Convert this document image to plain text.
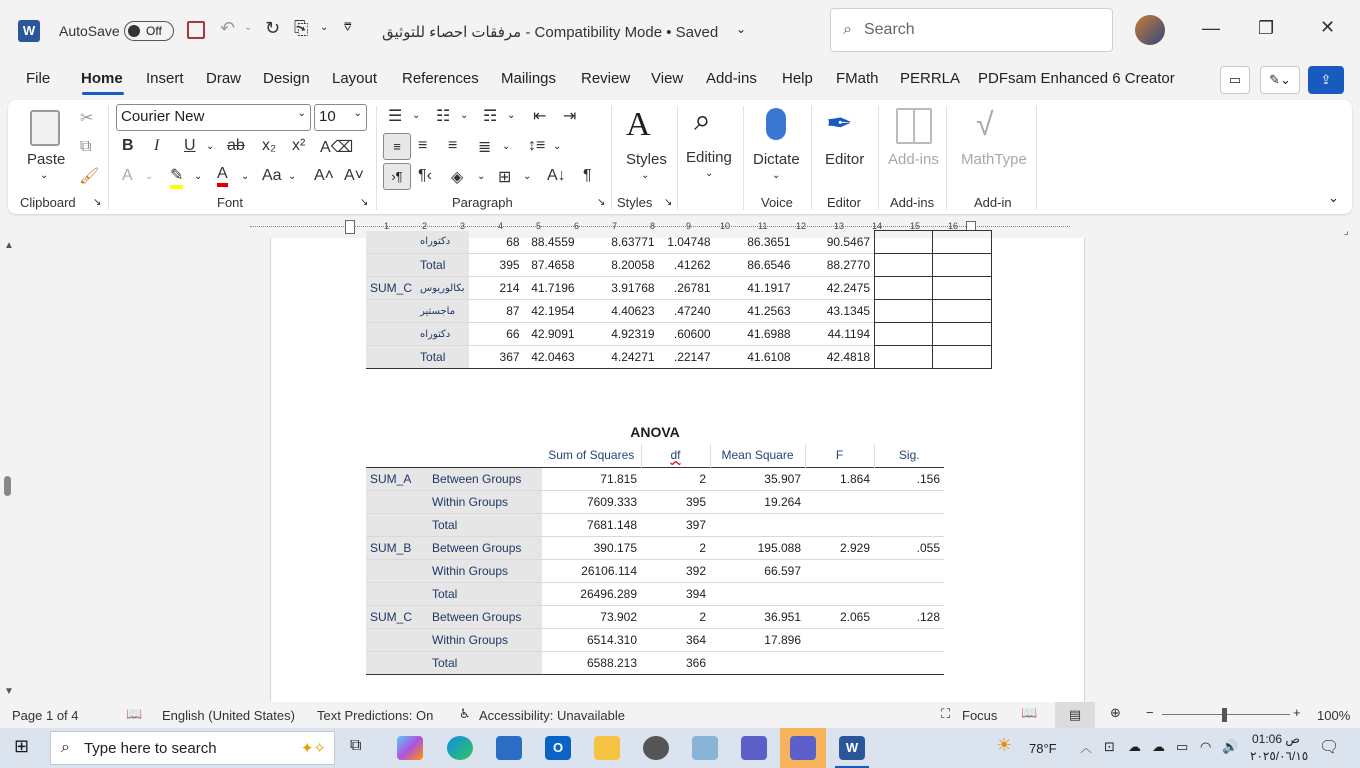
W	AutoSave Off	↶ ⌄ ↻ ⎘ ⌄ ⩢ مرفقات احصاء للتوثيق - Compatibility Mode • Saved ⌄	⌕ Search	— ❐	✕
File Home Insert Draw Design Layout References Mailings Review View Add-ins Help FMath PERRLA PDFsam Enhanced 6 Creator	▭	✎⌄	⇪
Paste
⌄
✂
⧉
🖌
Clipboard ↘
Courier New	⌄ 10 ⌄
B I U ⌄ ab x₂ x² A⌫
A ⌄ ✎ ⌄ A ⌄ Aa ⌄ A˄ A˅
Font	↘
☰ ⌄ ☷ ⌄ ☶ ⌄ ⇤ ⇥
≡	≡ ≡ ≣ ⌄ ↕≡ ⌄
›¶ ¶‹ ◈ ⌄ ⊞ ⌄ A↓ ¶
Paragraph	↘
A
Styles
⌄
Styles ↘
⌕
Editing
⌄
Dictate
⌄
Voice
✒
Editor
Editor
Add-ins
Add-ins
√
MathType
Add-in	⌄
1	2	3	4	5	6	7	8	9	10	11	12	13	14	15	16
▲
▼
⌟
	دكتوراه	68	88.4559	8.63771	1.04748	86.3651	90.5467		
	Total	395	87.4658	8.20058	.41262	86.6546	88.2770		
SUM_C	بكالوريوس	214	41.7196	3.91768	.26781	41.1917	42.2475		
	ماجستير	87	42.1954	4.40623	.47240	41.2563	43.1345		
	دكتوراه	66	42.9091	4.92319	.60600	41.6988	44.1194		
	Total	367	42.0463	4.24271	.22147	41.6108	42.4818		
ANOVA
		Sum of Squares	df	Mean Square	F	Sig.
SUM_A	Between Groups	71.815	2	35.907	1.864	.156
	Within Groups	7609.333	395	19.264		
	Total	7681.148	397			
SUM_B	Between Groups	390.175	2	195.088	2.929	.055
	Within Groups	26106.114	392	66.597		
	Total	26496.289	394			
SUM_C	Between Groups	73.902	2	36.951	2.065	.128
	Within Groups	6514.310	364	17.896		
	Total	6588.213	366			
Page 1 of 4	📖 English (United States) Text Predictions: On ♿ Accessibility: Unavailable	⛶ Focus 📖	▤	⊕ −	+ 100%
⊞ ⌕ Type here to search	✦✧ ⧉	O	W	☀ 78°F ︿ ⊡ ☁ ☁ ▭ ◠ 🔊 01:06 ص
٢٠٢٥/٠٦/١٥ 🗨
